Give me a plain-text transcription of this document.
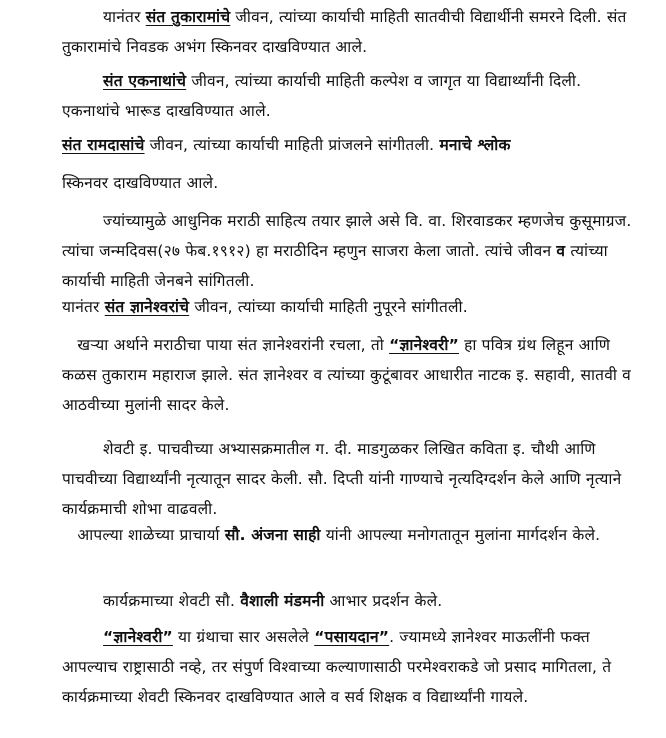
यानंतर संत तुकारामांचे जीवन, त्यांच्या कार्याची माहिती सातवीची विद्यार्थीनी समरने दिली. संत तुकारामांचे निवडक अभंग स्किनवर दाखविण्यात आले.

संत एकनाथांचे जीवन, त्यांच्या कार्याची माहिती कल्पेश व जागृत या विद्यार्थ्यांनी दिली. एकनाथांचे भारूड दाखविण्यात आले.

संत रामदासांचे जीवन, त्यांच्या कार्याची माहिती प्रांजलने सांगीतली. मनाचे श्लोक

स्किनवर दाखविण्यात आले.

ज्यांच्यामुळे आधुनिक मराठी साहित्य तयार झाले असे वि. वा. शिरवाडकर म्हणजेच कुसूमाग्रज. त्यांचा जन्मदिवस(२७ फेब.१९१२) हा मराठीदिन म्हणुन साजरा केला जातो. त्यांचे जीवन व त्यांच्या कार्याची माहिती जेनबने सांगितली.

यानंतर संत ज्ञानेश्वरांचे जीवन, त्यांच्या कार्याची माहिती नुपूरने सांगीतली.

खऱ्या अर्थाने मराठीचा पाया संत ज्ञानेश्वरांनी रचला, तो “ज्ञानेश्वरी” हा पवित्र ग्रंथ लिहून आणि कळस तुकाराम महाराज झाले. संत ज्ञानेश्वर व त्यांच्या कुटूंबावर आधारीत नाटक इ. सहावी, सातवी व आठवीच्या मुलांनी सादर केले.

शेवटी इ. पाचवीच्या अभ्यासक्रमातील ग. दी. माडगुळकर लिखित कविता इ. चौथी आणि पाचवीच्या विद्यार्थ्यांनी नृत्यातून सादर केली. सौ. दिप्ती यांनी गाण्याचे नृत्यदिग्दर्शन केले आणि नृत्याने कार्यक्रमाची शोभा वाढवली.

आपल्या शाळेच्या प्राचार्या सौ. अंजना साही यांनी आपल्या मनोगतातून मुलांना मार्गदर्शन केले.

कार्यक्रमाच्या शेवटी सौ. वैशाली मंडमनी आभार प्रदर्शन केले.

“ज्ञानेश्वरी” या ग्रंथाचा सार असलेले “पसायदान”. ज्यामध्ये ज्ञानेश्वर माऊलींनी फक्त आपल्याच राष्ट्रासाठी नव्हे, तर संपुर्ण विश्वाच्या कल्याणासाठी परमेश्वराकडे जो प्रसाद मागितला, ते कार्यक्रमाच्या शेवटी स्किनवर दाखविण्यात आले व सर्व शिक्षक व विद्यार्थ्यांनी गायले.
